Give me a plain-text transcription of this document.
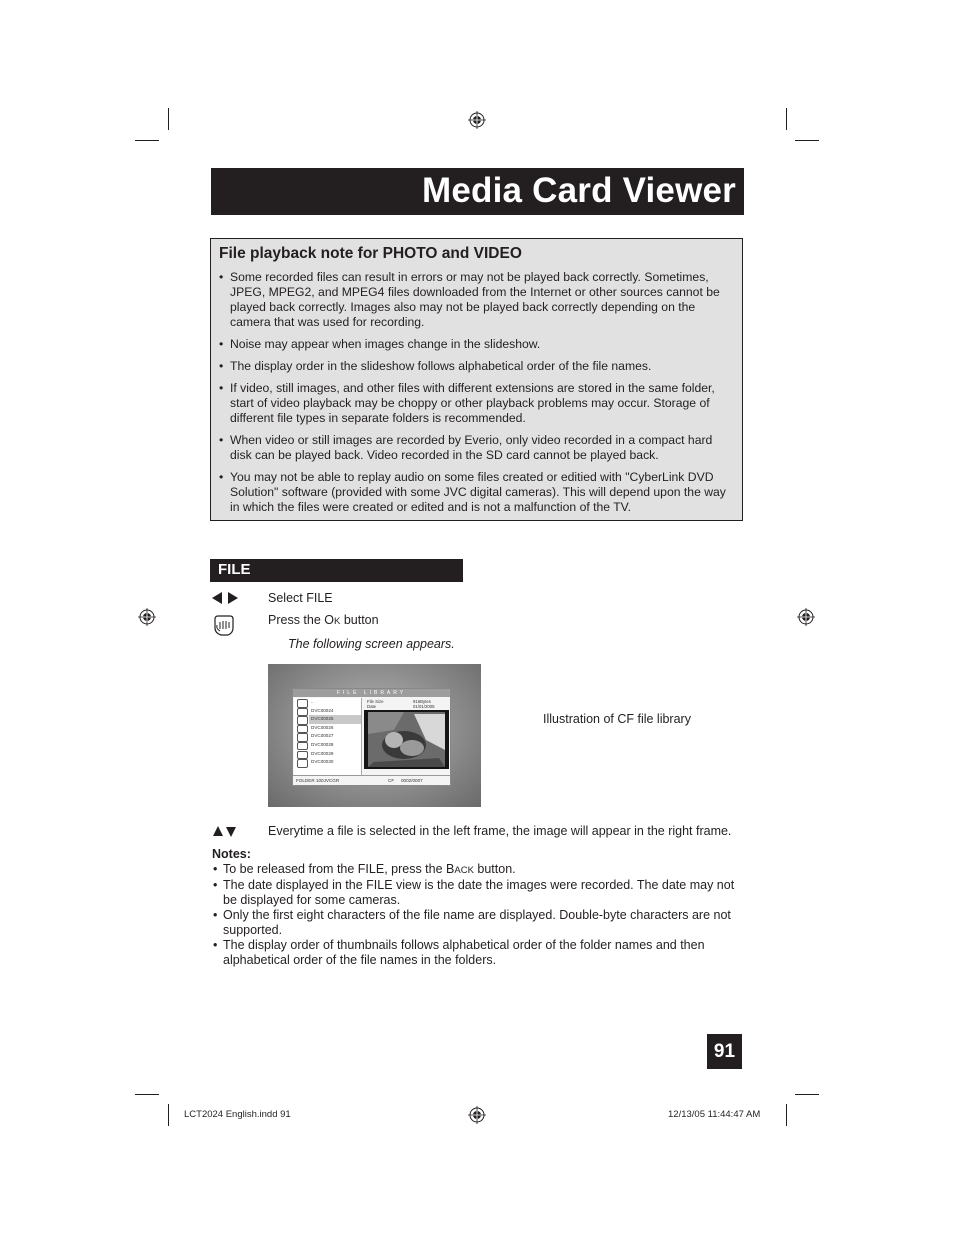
Media Card Viewer
File playback note for PHOTO and VIDEO
• Some recorded files can result in errors or may not be played back correctly. Sometimes, JPEG, MPEG2, and MPEG4 files downloaded from the Internet or other sources cannot be played back correctly. Images also may not be played back correctly depending on the camera that was used for recording.
• Noise may appear when images change in the slideshow.
• The display order in the slideshow follows alphabetical order of the file names.
• If video, still images, and other files with different extensions are stored in the same folder, start of video playback may be choppy or other playback problems may occur. Storage of different file types in separate folders is recommended.
• When video or still images are recorded by Everio, only video recorded in a compact hard disk can be played back. Video recorded in the SD card cannot be played back.
• You may not be able to replay audio on some files created or editied with "CyberLink DVD Solution" software (provided with some JVC digital cameras). This will depend upon the way in which the files were created or edited and is not a malfunction of the TV.
FILE
Select FILE
Press the OK button
The following screen appears.
FILE LIBRARY
..
DVC00024
DVC00025
DVC00026
DVC00027
DVC00028
DVC00029
DVC00030
File Size	916Bytes
Date	01/01/2005
FOLDER 100JVCGR	CF 0002/0007
Illustration of CF file library
Everytime a file is selected in the left frame, the image will appear in the right frame.
Notes:
• To be released from the FILE, press the BACK button.
• The date displayed in the FILE view is the date the images were recorded. The date may not be displayed for some cameras.
• Only the first eight characters of the file name are displayed. Double-byte characters are not supported.
• The display order of thumbnails follows alphabetical order of the folder names and then alphabetical order of the file names in the folders.
91
LCT2024 English.indd 91	12/13/05 11:44:47 AM
